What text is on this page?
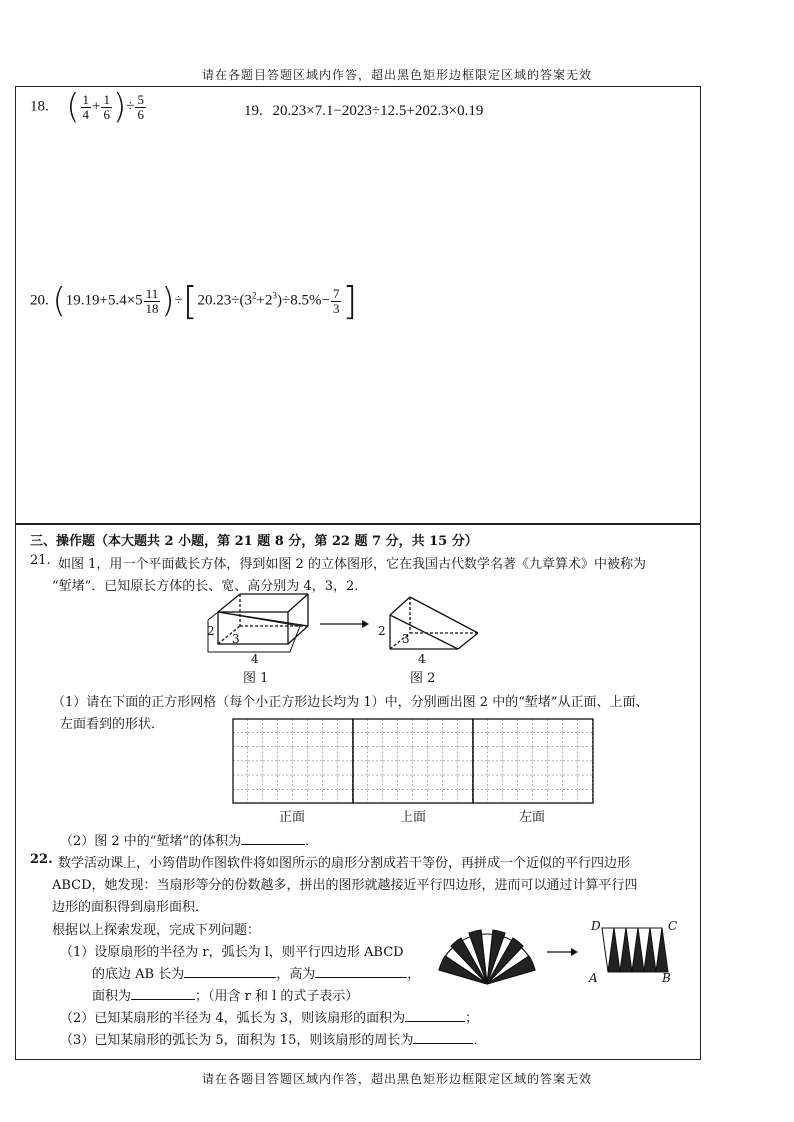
请在各题目答题区域内作答，超出黑色矩形边框限定区域的答案无效
18. ( $\frac{1}{4} + \frac{1}{6}$ )÷ $\frac{5}{6}$	19. 20.23×7.1−2023÷12.5+202.3×0.19
20. $(19.19+5.4\times 5 \frac{11}{18} )\div[20.23\div(3^2+2^3)\div 8.5\%- \frac{7}{3}$ ]
三、操作题（本大题共 2 小题，第 21 题 8 分，第 22 题 7 分，共 15 分）
21. 如图 1，用一个平面截长方体，得到如图 2 的立体图形，它在我国古代数学名著《九章算术》中被称为
“堑堵”．已知原长方体的长、宽、高分别为 4，3，2．
2
3
4
图 1
2
3
4
图 2
（1）请在下面的正方形网格（每个小正方形边长均为 1）中，分别画出图 2 中的“堑堵”从正面、上面、
左面看到的形状．
正面	上面	左面
（2）图 2 中的“堑堵”的体积为	．
22. 数学活动课上，小筠借助作图软件将如图所示的扇形分割成若干等份，再拼成一个近似的平行四边形
ABCD，她发现：当扇形等分的份数越多，拼出的图形就越接近平行四边形，进而可以通过计算平行四
边形的面积得到扇形面积．
根据以上探索发现，完成下列问题：
（1）设原扇形的半径为 r，弧长为 l，则平行四边形 ABCD
的底边 AB 长为	，高为	，
面积为	；（用含 r 和 l 的式子表示）
（2）已知某扇形的半径为 4，弧长为 3，则该扇形的面积为	；
（3）已知某扇形的弧长为 5，面积为 15，则该扇形的周长为	．
D	C
A	B
请在各题目答题区域内作答，超出黑色矩形边框限定区域的答案无效
